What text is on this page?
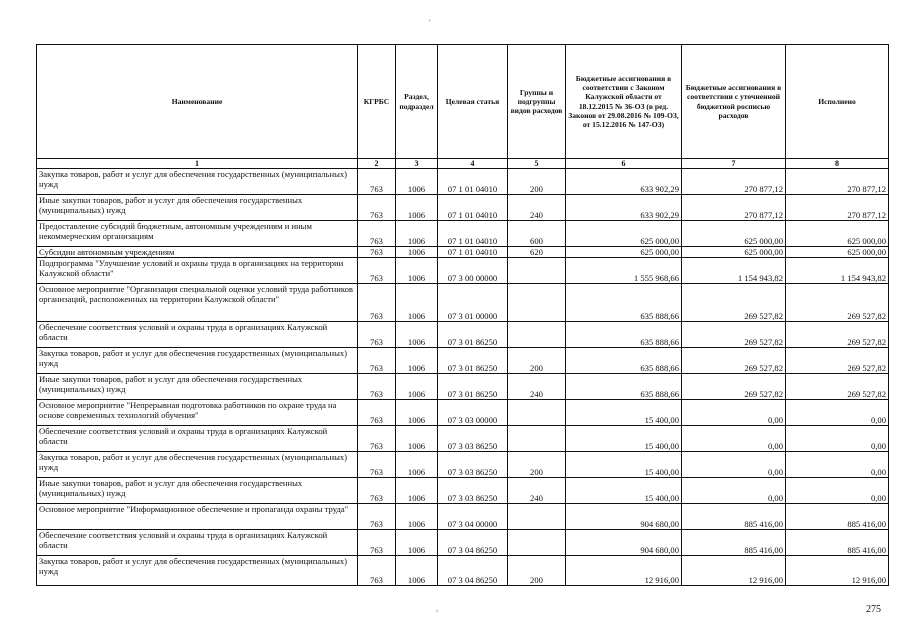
'
Наименование	КГРБС	Раздел, подраздел	Целевая статья	Группы и подгруппы видов расходов	Бюджетные ассигнования в соответствии с Законом Калужской области от 18.12.2015 № 36-ОЗ (в ред. Законов от 29.08.2016 № 109-ОЗ, от 15.12.2016 № 147-ОЗ)	Бюджетные ассигнования в соответствии с уточненной бюджетной росписью расходов	Исполнено
1	2	3	4	5	6	7	8
Закупка товаров, работ и услуг для обеспечения государственных (муниципальных) нужд	763	1006	07 1 01 04010	200	633 902,29	270 877,12	270 877,12
Иные закупки товаров, работ и услуг для обеспечения государственных (муниципальных) нужд	763	1006	07 1 01 04010	240	633 902,29	270 877,12	270 877,12
Предоставление субсидий бюджетным, автономным учреждениям и иным некоммерческим организациям	763	1006	07 1 01 04010	600	625 000,00	625 000,00	625 000,00
Субсидии автономным учреждениям	763	1006	07 1 01 04010	620	625 000,00	625 000,00	625 000,00
Подпрограмма "Улучшение условий и охраны труда в организациях на территории Калужской области"	763	1006	07 3 00 00000		1 555 968,66	1 154 943,82	1 154 943,82
Основное мероприятие "Организация специальной оценки условий труда работников организаций, расположенных на территории Калужской области"	763	1006	07 3 01 00000		635 888,66	269 527,82	269 527,82
Обеспечение соответствия условий и охраны труда в организациях Калужской области	763	1006	07 3 01 86250		635 888,66	269 527,82	269 527,82
Закупка товаров, работ и услуг для обеспечения государственных (муниципальных) нужд	763	1006	07 3 01 86250	200	635 888,66	269 527,82	269 527,82
Иные закупки товаров, работ и услуг для обеспечения государственных (муниципальных) нужд	763	1006	07 3 01 86250	240	635 888,66	269 527,82	269 527,82
Основное мероприятие "Непрерывная подготовка работников по охране труда на основе современных технологий обучения"	763	1006	07 3 03 00000		15 400,00	0,00	0,00
Обеспечение соответствия условий и охраны труда в организациях Калужской области	763	1006	07 3 03 86250		15 400,00	0,00	0,00
Закупка товаров, работ и услуг для обеспечения государственных (муниципальных) нужд	763	1006	07 3 03 86250	200	15 400,00	0,00	0,00
Иные закупки товаров, работ и услуг для обеспечения государственных (муниципальных) нужд	763	1006	07 3 03 86250	240	15 400,00	0,00	0,00
Основное мероприятие "Информационное обеспечение и пропаганда охраны труда"	763	1006	07 3 04 00000		904 680,00	885 416,00	885 416,00
Обеспечение соответствия условий и охраны труда в организациях Калужской области	763	1006	07 3 04 86250		904 680,00	885 416,00	885 416,00
Закупка товаров, работ и услуг для обеспечения государственных (муниципальных) нужд	763	1006	07 3 04 86250	200	12 916,00	12 916,00	12 916,00
,	275
